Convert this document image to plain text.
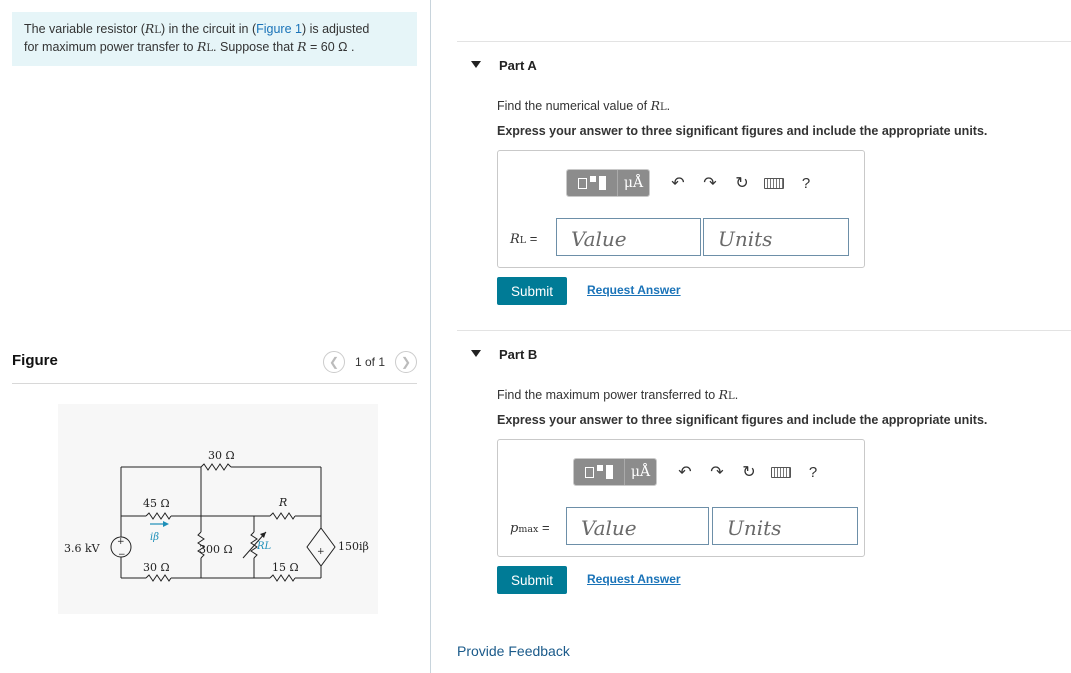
The variable resistor (RL) in the circuit in (Figure 1) is adjusted
for maximum power transfer to RL. Suppose that R = 60 Ω .
Figure	❮	1 of 1	❯
+
−	+
30 Ω
45 Ω	R
iβ
3.6 kV	300 Ω RL	150iβ
30 Ω	15 Ω
Part A
Find the numerical value of RL.
Express your answer to three significant figures and include the appropriate units.
μÅ	↶	↷	↻	?
RL =	Value	Units
Submit	Request Answer
Part B
Find the maximum power transferred to RL.
Express your answer to three significant figures and include the appropriate units.
μÅ	↶	↷	↻	?
pmax =	Value	Units
Submit	Request Answer
Provide Feedback
